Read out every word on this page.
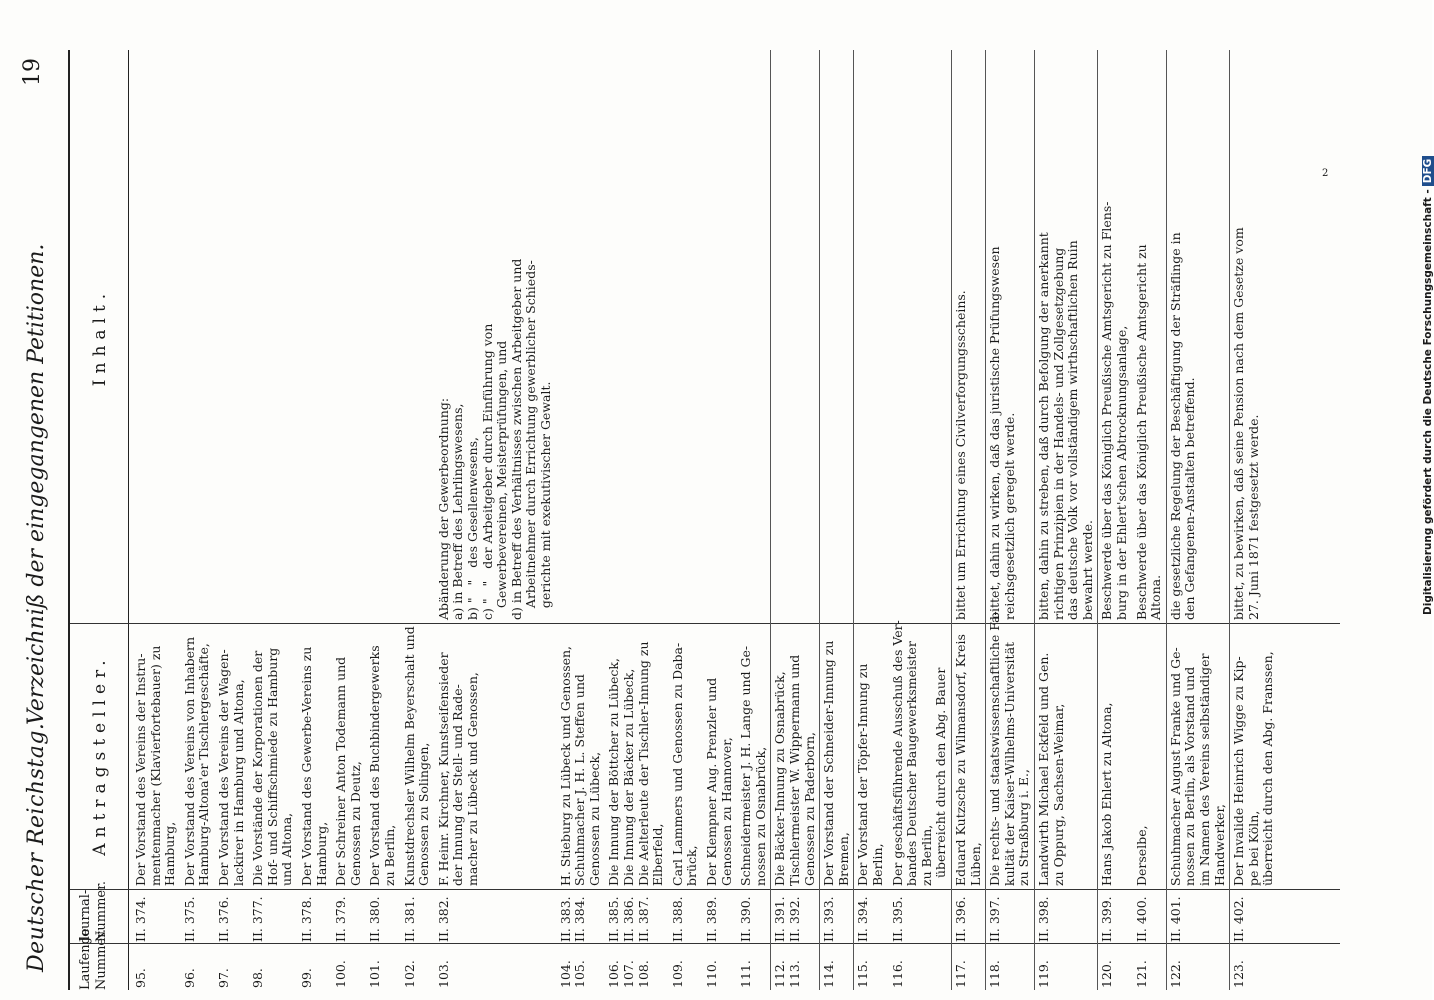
Deutscher Reichstag.
Verzeichniß der eingegangenen Petitionen.
19
Laufende Nummer.
Journal- Nummer.
Antragsteller.
Inhalt.
95.
II. 374.
Der Vorstand des Vereins der Instru- mentenmacher (Klavierfortebauer) zu Hamburg,
96.
II. 375.
Der Vorstand des Vereins von Inhabern Hamburg-Altona'er Tischlergeschäfte,
97.
II. 376.
Der Vorstand des Vereins der Wagen- lackirer in Hamburg und Altona,
98.
II. 377.
Die Vorstände der Korporationen der Hof- und Schiffschmiede zu Hamburg und Altona,
99.
II. 378.
Der Vorstand des Gewerbe-Vereins zu Hamburg,
100.
II. 379.
Der Schreiner Anton Todemann und Genossen zu Deutz,
101.
II. 380.
Der Vorstand des Buchbindergewerks zu Berlin,
102.
II. 381.
Kunstdrechsler Wilhelm Beyerschalt und Genossen zu Solingen,
103.
II. 382.
F. Heinr. Kirchner, Kunstseifensieder der Innung der Stell- und Rade- macher zu Lübeck und Genossen,
Abänderung der Gewerbeordnung: a) in Betreff des Lehrlingswesens, b) "   "   des Gesellenwesens, c) "   "   der Arbeitgeber durch Einführung von Gewerbevereinen, Meisterprüfungen, und d) in Betreff des Verhältnisses zwischen Arbeitgeber und Arbeitnehmer durch Errichtung gewerblicher Schieds- gerichte mit exekutivischer Gewalt.
104.
105.
II. 383.
II. 384.
H. Stieburg zu Lübeck und Genossen, Schuhmacher J. H. L. Steffen und Genossen zu Lübeck,
106.
107.
108.
II. 385.
II. 386.
II. 387.
Die Innung der Böttcher zu Lübeck, Die Innung der Bäcker zu Lübeck, Die Aelterleute der Tischler-Innung zu Elberfeld,
109.
II. 388.
Carl Lammers und Genossen zu Daba- brück,
110.
II. 389.
Der Klempner Aug. Prenzler und Genossen zu Hannover,
111.
II. 390.
Schneidermeister J. H. Lange und Ge- nossen zu Osnabrück,
112.
113.
II. 391.
II. 392.
Die Bäcker-Innung zu Osnabrück, Tischlermeister W. Wippermann und Genossen zu Paderborn,
114.
II. 393.
Der Vorstand der Schneider-Innung zu Bremen,
115.
II. 394.
Der Vorstand der Töpfer-Innung zu Berlin,
116.
II. 395.
Der geschäftsführende Ausschuß des Ver- bandes Deutscher Baugewerksmeister zu Berlin, überreicht durch den Abg. Bauer
117.
II. 396.
Eduard Kutzsche zu Wilmansdorf, Kreis Lüben,
bittet um Errichtung eines Civilverforgungsscheins.
118.
II. 397.
Die rechts- und staatswissenschaftliche Fa- kultät der Kaiser-Wilhelms-Universität zu Straßburg i. E.,
bittet, dahin zu wirken, daß das juristische Prüfungswesen reichsgesetzlich geregelt werde.
119.
II. 398.
Landwirth Michael Eckfeld und Gen. zu Oppurg, Sachsen-Weimar,
bitten, dahin zu streben, daß durch Befolgung der anerkannt richtigen Prinzipien in der Handels- und Zollgesetzgebung das deutsche Volk vor vollständigem wirthschaftlichen Ruin bewahrt werde.
120.
II. 399.
Hans Jakob Ehlert zu Altona,
Beschwerde über das Königlich Preußische Amtsgericht zu Flens- burg in der Ehlert'schen Abtrocknungsanlage,
121.
II. 400.
Derselbe,
Beschwerde über das Königlich Preußische Amtsgericht zu Altona.
122.
II. 401.
Schuhmacher August Franke und Ge- nossen zu Berlin, als Vorstand und im Namen des Vereins selbständiger Handwerker,
die gesetzliche Regelung der Beschäftigung der Sträflinge in den Gefangenen-Anstalten betreffend.
123.
II. 402.
Der Invalide Heinrich Wigge zu Kip- pe bei Köln, überreicht durch den Abg. Franssen,
bittet, zu bewirken, daß seine Pension nach dem Gesetze vom 27. Juni 1871 festgesetzt werde.
2
Digitalisierung gefördert durch die Deutsche Forschungsgemeinschaft -DFG
